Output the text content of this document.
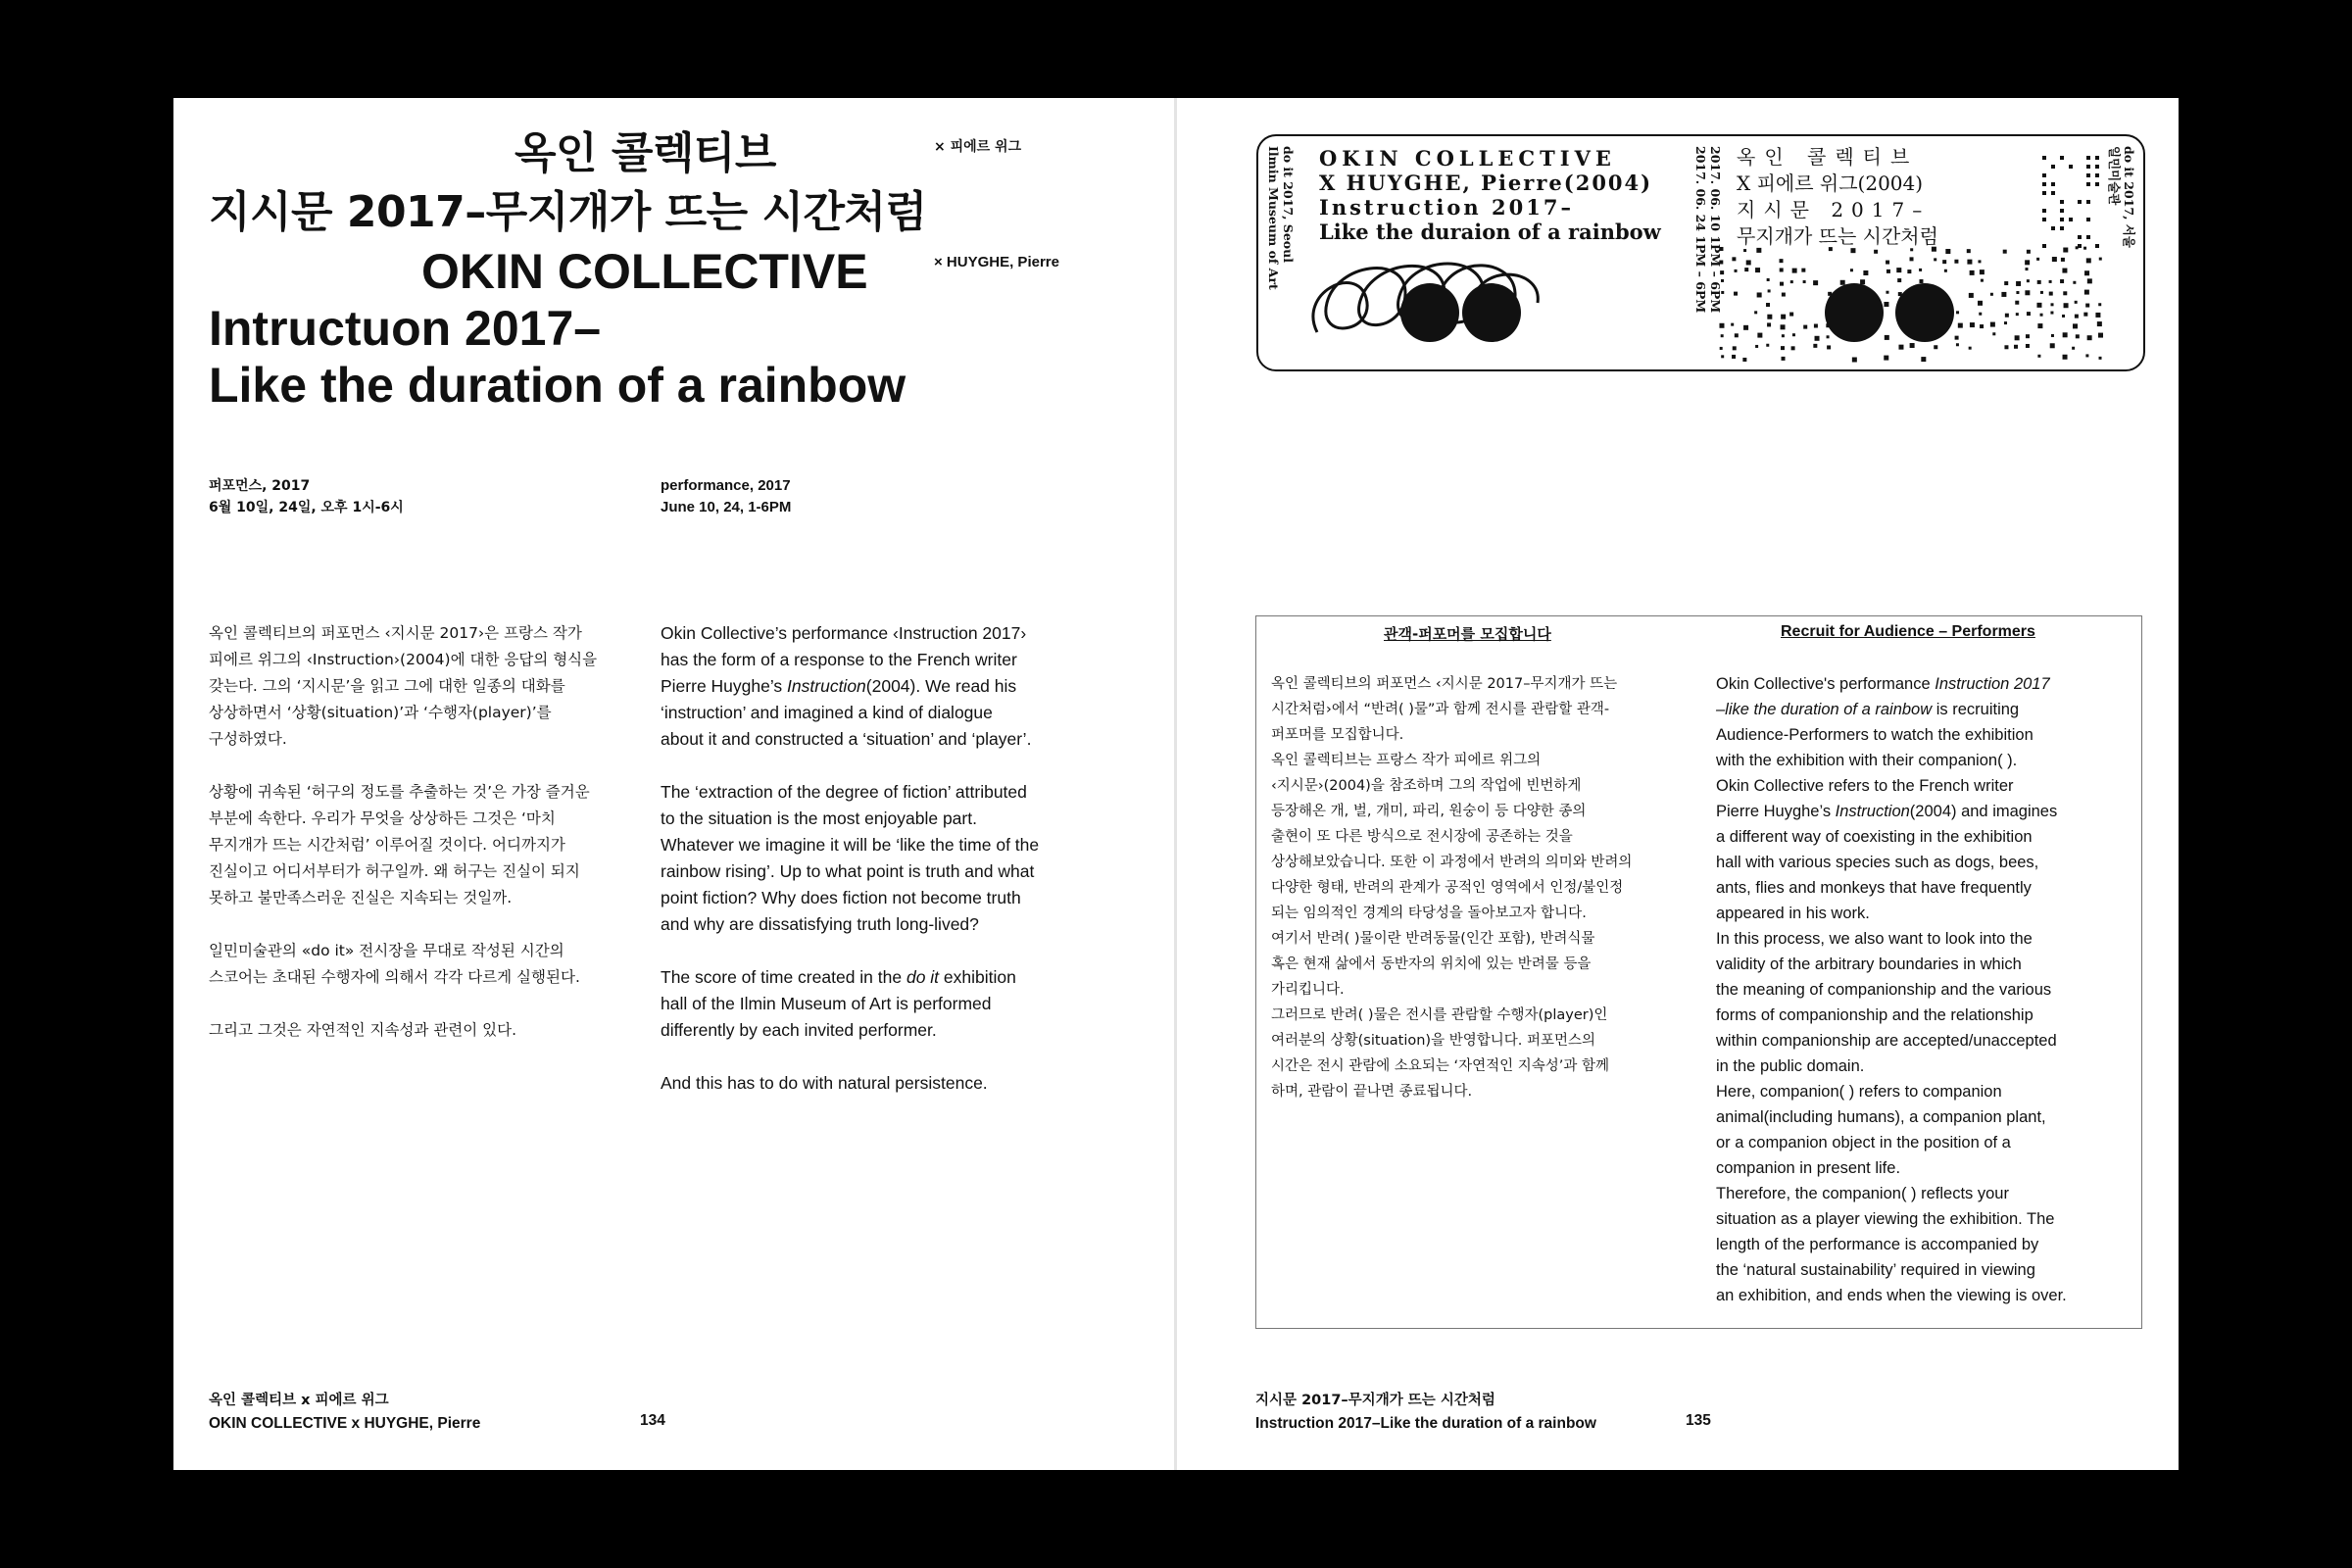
옥인 콜렉티브	× 피에르 위그
지시문 2017–무지개가 뜨는 시간처럼
OKIN COLLECTIVE	× HUYGHE, Pierre
Intructuon 2017–
Like the duration of a rainbow
퍼포먼스, 2017
6월 10일, 24일, 오후 1시-6시
performance, 2017
June 10, 24, 1-6PM

옥인 콜렉티브의 퍼포먼스 ‹지시문 2017›은 프랑스 작가
피에르 위그의 ‹Instruction›(2004)에 대한 응답의 형식을
갖는다. 그의 ‘지시문’을 읽고 그에 대한 일종의 대화를
상상하면서 ‘상황(situation)’과 ‘수행자(player)’를
구성하였다.

상황에 귀속된 ‘허구의 정도를 추출하는 것’은 가장 즐거운
부분에 속한다. 우리가 무엇을 상상하든 그것은 ‘마치
무지개가 뜨는 시간처럼’ 이루어질 것이다. 어디까지가
진실이고 어디서부터가 허구일까. 왜 허구는 진실이 되지
못하고 불만족스러운 진실은 지속되는 것일까.

일민미술관의 «do it» 전시장을 무대로 작성된 시간의
스코어는 초대된 수행자에 의해서 각각 다르게 실행된다.

그리고 그것은 자연적인 지속성과 관련이 있다.

Okin Collective’s performance ‹Instruction 2017›
has the form of a response to the French writer
Pierre Huyghe’s Instruction(2004). We read his
‘instruction’ and imagined a kind of dialogue
about it and constructed a ‘situation’ and ‘player’.

The ‘extraction of the degree of fiction’ attributed
to the situation is the most enjoyable part.
Whatever we imagine it will be ‘like the time of the
rainbow rising’. Up to what point is truth and what
point fiction? Why does fiction not become truth
and why are dissatisfying truth long-lived?

The score of time created in the do it exhibition
hall of the Ilmin Museum of Art is performed
differently by each invited performer.

And this has to do with natural persistence.

옥인 콜렉티브 x 피에르 위그
OKIN COLLECTIVE x HUYGHE, Pierre	134
do it 2017, Seoul
Ilmin Museum of Art OKIN COLLECTIVE
X HUYGHE, Pierre(2004)
Instruction 2017–
Like the duraion of a rainbow	2017. 06. 10 1PM – 6PM
2017. 06. 24 1PM – 6PM 옥인 콜렉티브
X 피에르 위그(2004)
지시문 2017–
무지개가 뜨는 시간처럼	do it 2017, 서울
일민미술관
관객-퍼포머를 모집합니다	Recruit for Audience – Performers
옥인 콜렉티브의 퍼포먼스 ‹지시문 2017–무지개가 뜨는
시간처럼›에서 “반려( )물”과 함께 전시를 관람할 관객-
퍼포머를 모집합니다.
옥인 콜렉티브는 프랑스 작가 피에르 위그의
‹지시문›(2004)을 참조하며 그의 작업에 빈번하게
등장해온 개, 벌, 개미, 파리, 원숭이 등 다양한 종의
출현이 또 다른 방식으로 전시장에 공존하는 것을
상상해보았습니다. 또한 이 과정에서 반려의 의미와 반려의
다양한 형태, 반려의 관계가 공적인 영역에서 인정/불인정
되는 임의적인 경계의 타당성을 돌아보고자 합니다.
여기서 반려( )물이란 반려동물(인간 포함), 반려식물
혹은 현재 삶에서 동반자의 위치에 있는 반려물 등을
가리킵니다.
그러므로 반려( )물은 전시를 관람할 수행자(player)인
여러분의 상황(situation)을 반영합니다. 퍼포먼스의
시간은 전시 관람에 소요되는 ‘자연적인 지속성’과 함께
하며, 관람이 끝나면 종료됩니다.
Okin Collective's performance Instruction 2017
–like the duration of a rainbow is recruiting
Audience-Performers to watch the exhibition
with the exhibition with their companion( ).
Okin Collective refers to the French writer
Pierre Huyghe’s Instruction(2004) and imagines
a different way of coexisting in the exhibition
hall with various species such as dogs, bees,
ants, flies and monkeys that have frequently
appeared in his work.
In this process, we also want to look into the
validity of the arbitrary boundaries in which
the meaning of companionship and the various
forms of companionship and the relationship
within companionship are accepted/unaccepted
in the public domain.
Here, companion( ) refers to companion
animal(including humans), a companion plant,
or a companion object in the position of a
companion in present life.
Therefore, the companion( ) reflects your
situation as a player viewing the exhibition. The
length of the performance is accompanied by
the ‘natural sustainability’ required in viewing
an exhibition, and ends when the viewing is over.
지시문 2017–무지개가 뜨는 시간처럼
Instruction 2017–Like the duration of a rainbow	135
